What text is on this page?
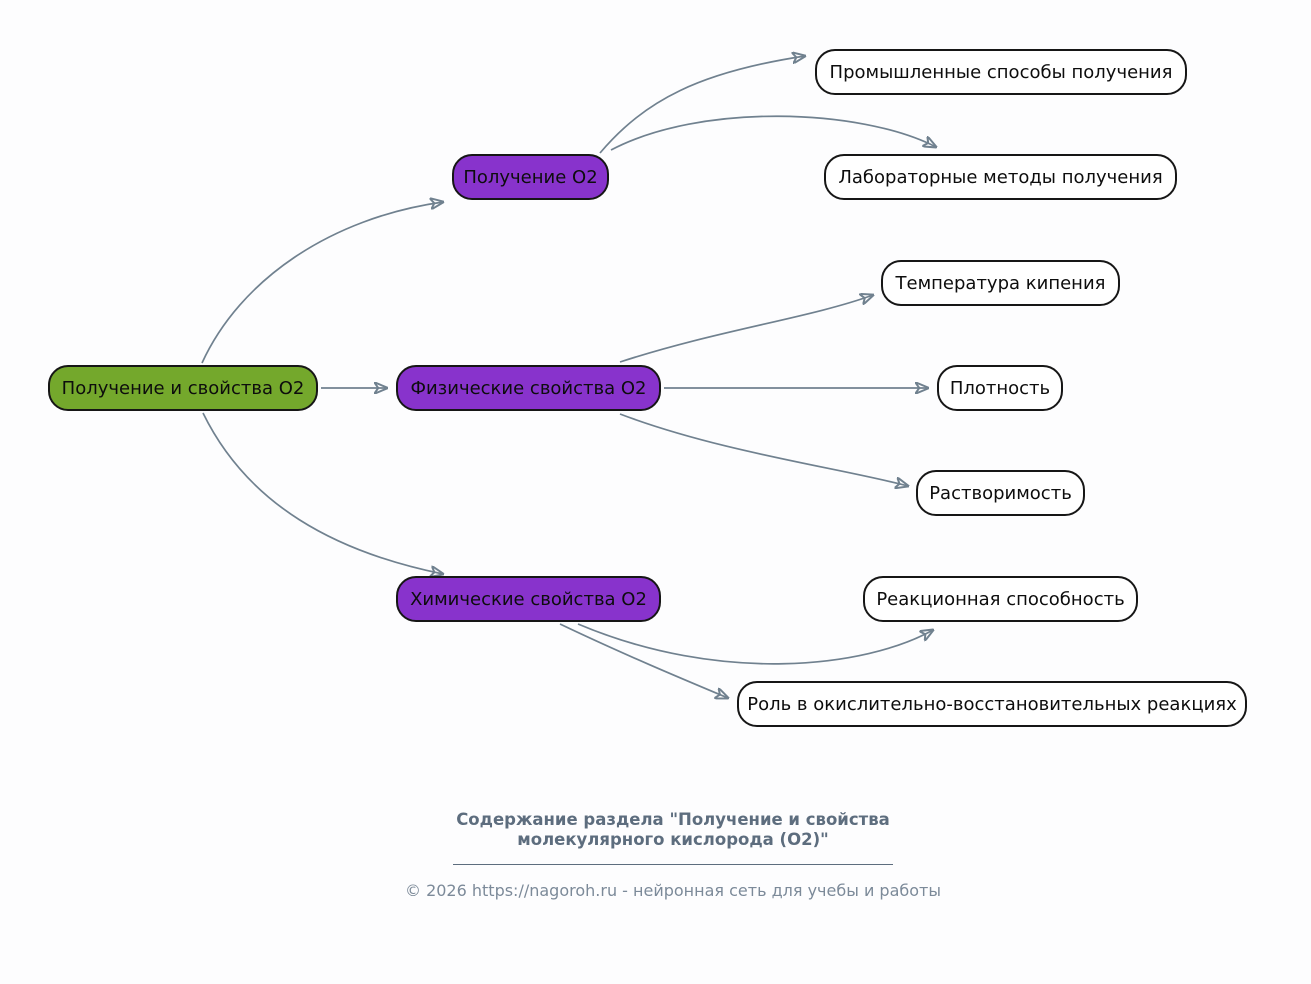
Получение и свойства O2
Получение O2
Физические свойства O2
Химические свойства O2
Промышленные способы получения
Лабораторные методы получения
Температура кипения
Плотность
Растворимость
Реакционная способность
Роль в окислительно-восстановительных реакциях
Содержание раздела "Получение и свойства
молекулярного кислорода (O2)"
© 2026 https://nagoroh.ru - нейронная сеть для учебы и работы
